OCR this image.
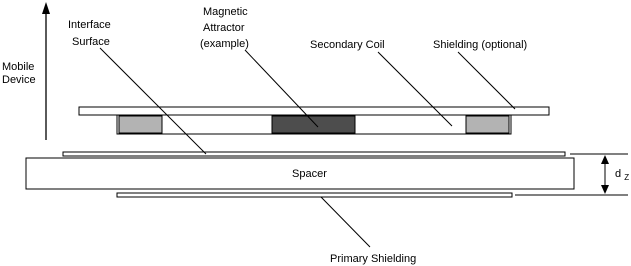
Mobile
Device
Interface
Surface
Magnetic
Attractor
(example)	Secondary Coil	Shielding (optional)
Spacer	d $_Z$
Primary Shielding
